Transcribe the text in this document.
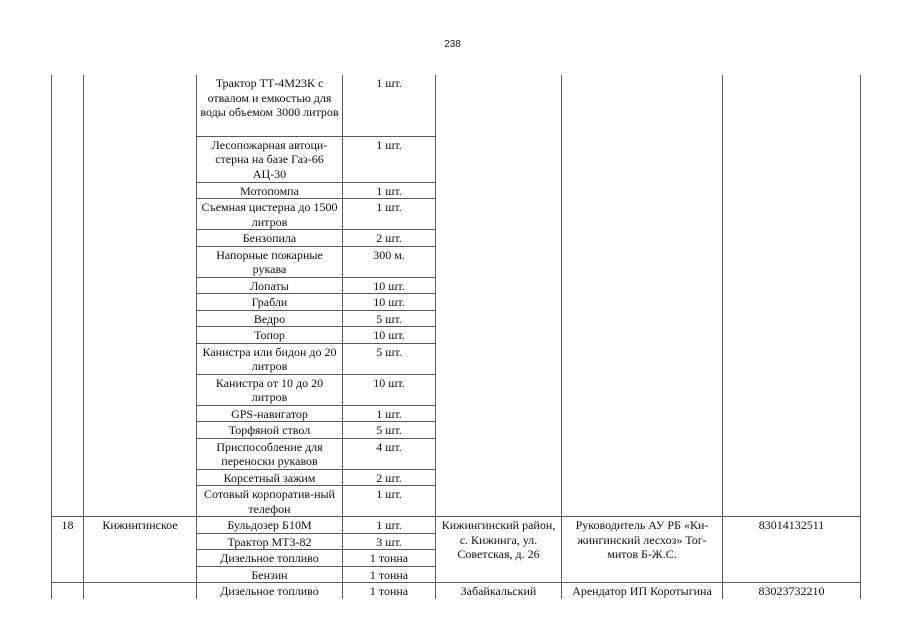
238
		Трактор ТТ-4М23К с отвалом и емкостью для воды объемом 3000 литров	1 шт.			
		Лесопожарная автоци-стерна на базе Газ-66 АЦ-30	1 шт.			
		Мотопомпа	1 шт.			
		Съемная цистерна до 1500 литров	1 шт.			
		Бензопила	2 шт.			
		Напорные пожарные рукава	300 м.			
		Лопаты	10 шт.			
		Грабли	10 шт.			
		Ведро	5 шт.			
		Топор	10 шт.			
		Канистра или бидон до 20 литров	5 шт.			
		Канистра от 10 до 20 литров	10 шт.			
		GPS-навигатор	1 шт.			
		Торфяной ствол	5 шт.			
		Приспособление для переноски рукавов	4 шт.			
		Корсетный зажим	2 шт.			
		Сотовый корпоратив-ный телефон	1 шт.			
18	Кижингинское	Бульдозер Б10М	1 шт.	Кижингинский район, с. Кижинга, ул. Советская, д. 26	Руководитель АУ РБ «Ки-жингинский лесхоз» Тог-митов Б-Ж.С.	83014132511
		Трактор МТЗ-82	3 шт.			
		Дизельное топливо	1 тонна			
		Бензин	1 тонна			
		Дизельное топливо	1 тонна	Забайкальский	Арендатор ИП Коротыгина	83023732210
